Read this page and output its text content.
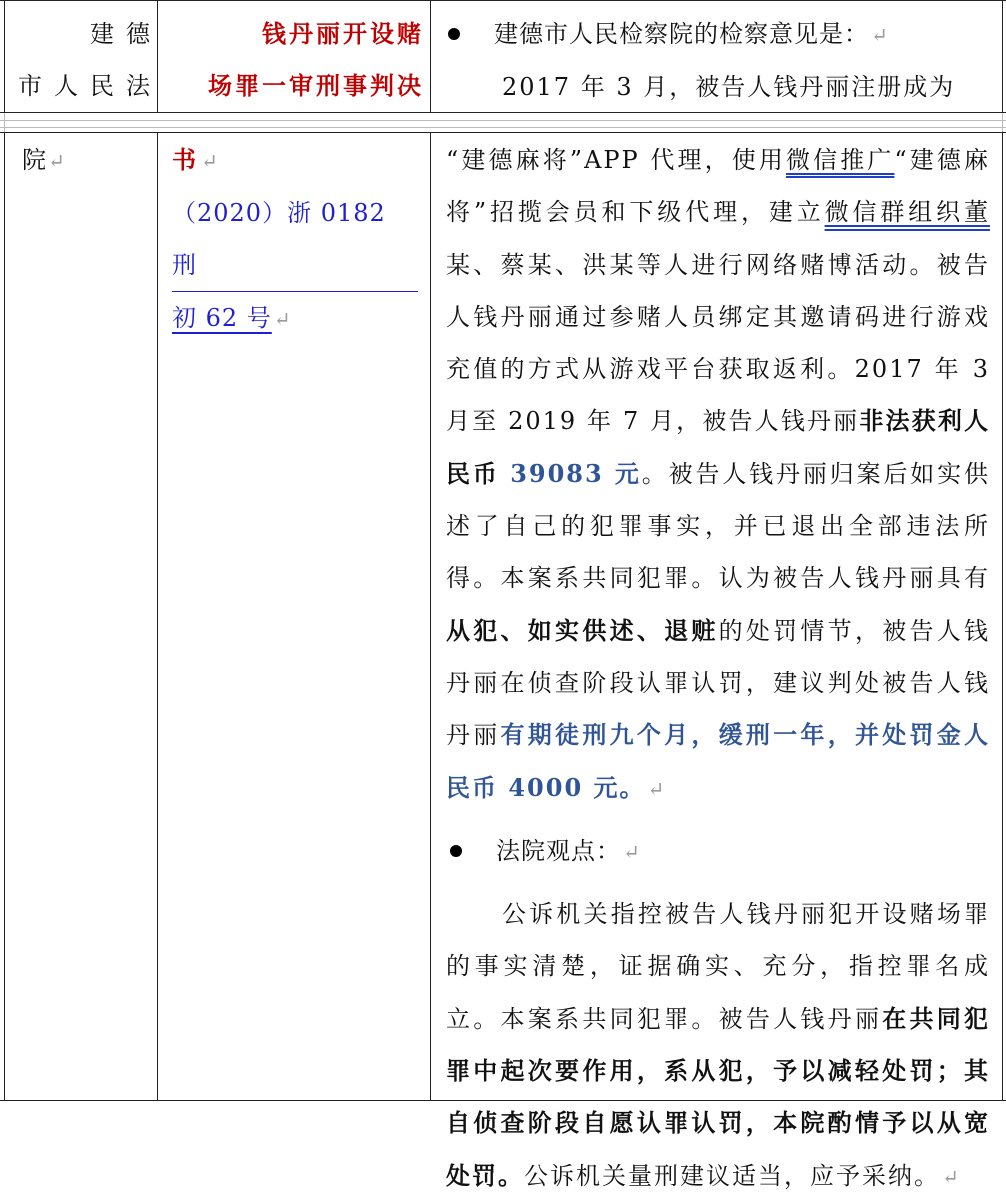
建德
市人民法
钱丹丽开设赌
场罪一审刑事判决
建德市人民检察院的检察意见是： ↵
2017 年 3 月，被告人钱丹丽注册成为
院 ↵	书 ↵
（2020）浙 0182 刑
初 62 号 ↵

“建德麻将”APP 代理，使用微信推广“建德麻将”招揽会员和下级代理，建立微信群组织董某、蔡某、洪某等人进行网络赌博活动。被告人钱丹丽通过参赌人员绑定其邀请码进行游戏充值的方式从游戏平台获取返利。2017 年 3 月至 2019 年 7 月，被告人钱丹丽非法获利人民币 39083 元。被告人钱丹丽归案后如实供述了自己的犯罪事实，并已退出全部违法所得。本案系共同犯罪。认为被告人钱丹丽具有从犯、如实供述、退赃的处罚情节，被告人钱丹丽在侦查阶段认罪认罚，建议判处被告人钱丹丽有期徒刑九个月，缓刑一年，并处罚金人民币 4000 元。 ↵

法院观点： ↵

公诉机关指控被告人钱丹丽犯开设赌场罪的事实清楚，证据确实、充分，指控罪名成立。本案系共同犯罪。被告人钱丹丽在共同犯罪中起次要作用，系从犯，予以减轻处罚；其自侦查阶段自愿认罪认罚，本院酌情予以从宽处罚。公诉机关量刑建议适当，应予采纳。 ↵
